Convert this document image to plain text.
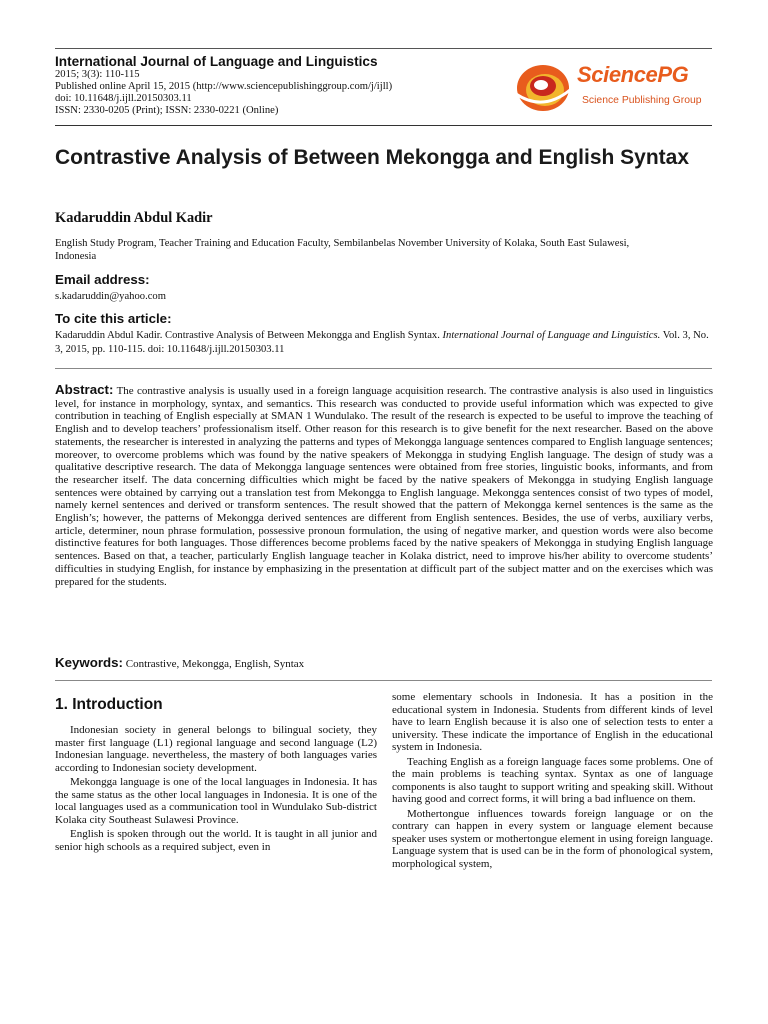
International Journal of Language and Linguistics
2015; 3(3): 110-115
Published online April 15, 2015 (http://www.sciencepublishinggroup.com/j/ijll)
doi: 10.11648/j.ijll.20150303.11
ISSN: 2330-0205 (Print); ISSN: 2330-0221 (Online)
SciencePG
Science Publishing Group
Contrastive Analysis of Between Mekongga and English Syntax
Kadaruddin Abdul Kadir
English Study Program, Teacher Training and Education Faculty, Sembilanbelas November University of Kolaka, South East Sulawesi, Indonesia
Email address:
s.kadaruddin@yahoo.com
To cite this article:
Kadaruddin Abdul Kadir. Contrastive Analysis of Between Mekongga and English Syntax. International Journal of Language and Linguistics. Vol. 3, No. 3, 2015, pp. 110-115. doi: 10.11648/j.ijll.20150303.11
Abstract: The contrastive analysis is usually used in a foreign language acquisition research. The contrastive analysis is also used in linguistics level, for instance in morphology, syntax, and semantics. This research was conducted to provide useful information which was expected to give contribution in teaching of English especially at SMAN 1 Wundulako. The result of the research is expected to be useful to improve the teaching of English and to develop teachers’ professionalism itself. Other reason for this research is to give benefit for the next researcher. Based on the above statements, the researcher is interested in analyzing the patterns and types of Mekongga language sentences compared to English language sentences; moreover, to overcome problems which was found by the native speakers of Mekongga in studying English language. The design of study was a qualitative descriptive research. The data of Mekongga language sentences were obtained from free stories, linguistic books, informants, and from the researcher itself. The data concerning difficulties which might be faced by the native speakers of Mekongga in studying English language sentences were obtained by carrying out a translation test from Mekongga to English language. Mekongga sentences consist of two types of model, namely kernel sentences and derived or transform sentences. The result showed that the pattern of Mekongga kernel sentences is the same as the English’s; however, the patterns of Mekongga derived sentences are different from English sentences. Besides, the use of verbs, auxiliary verbs, article, determiner, noun phrase formulation, possessive pronoun formulation, the using of negative marker, and question words were also become distinctive features for both languages. Those differences become problems faced by the native speakers of Mekongga in studying English language sentences. Based on that, a teacher, particularly English language teacher in Kolaka district, need to improve his/her ability to overcome students’ difficulties in studying English, for instance by emphasizing in the presentation at difficult part of the subject matter and on the exercises which was prepared for the students.
Keywords: Contrastive, Mekongga, English, Syntax
1. Introduction

Indonesian society in general belongs to bilingual society, they master first language (L1) regional language and second language (L2) Indonesian language. nevertheless, the mastery of both languages varies according to Indonesian society development.

Mekongga language is one of the local languages in Indonesia. It has the same status as the other local languages in Indonesia. It is one of the local languages used as a communication tool in Wundulako Sub-district Kolaka city Southeast Sulawesi Province.

English is spoken through out the world. It is taught in all junior and senior high schools as a required subject, even in

some elementary schools in Indonesia. It has a position in the educational system in Indonesia. Students from different kinds of level have to learn English because it is also one of selection tests to enter a university. These indicate the importance of English in the educational system in Indonesia.

Teaching English as a foreign language faces some problems. One of the main problems is teaching syntax. Syntax as one of language components is also taught to support writing and speaking skill. Without having good and correct forms, it will bring a bad influence on them.

Mothertongue influences towards foreign language or on the contrary can happen in every system or language element because speaker uses system or mothertongue element in using foreign language. Language system that is used can be in the form of phonological system, morphological system,
